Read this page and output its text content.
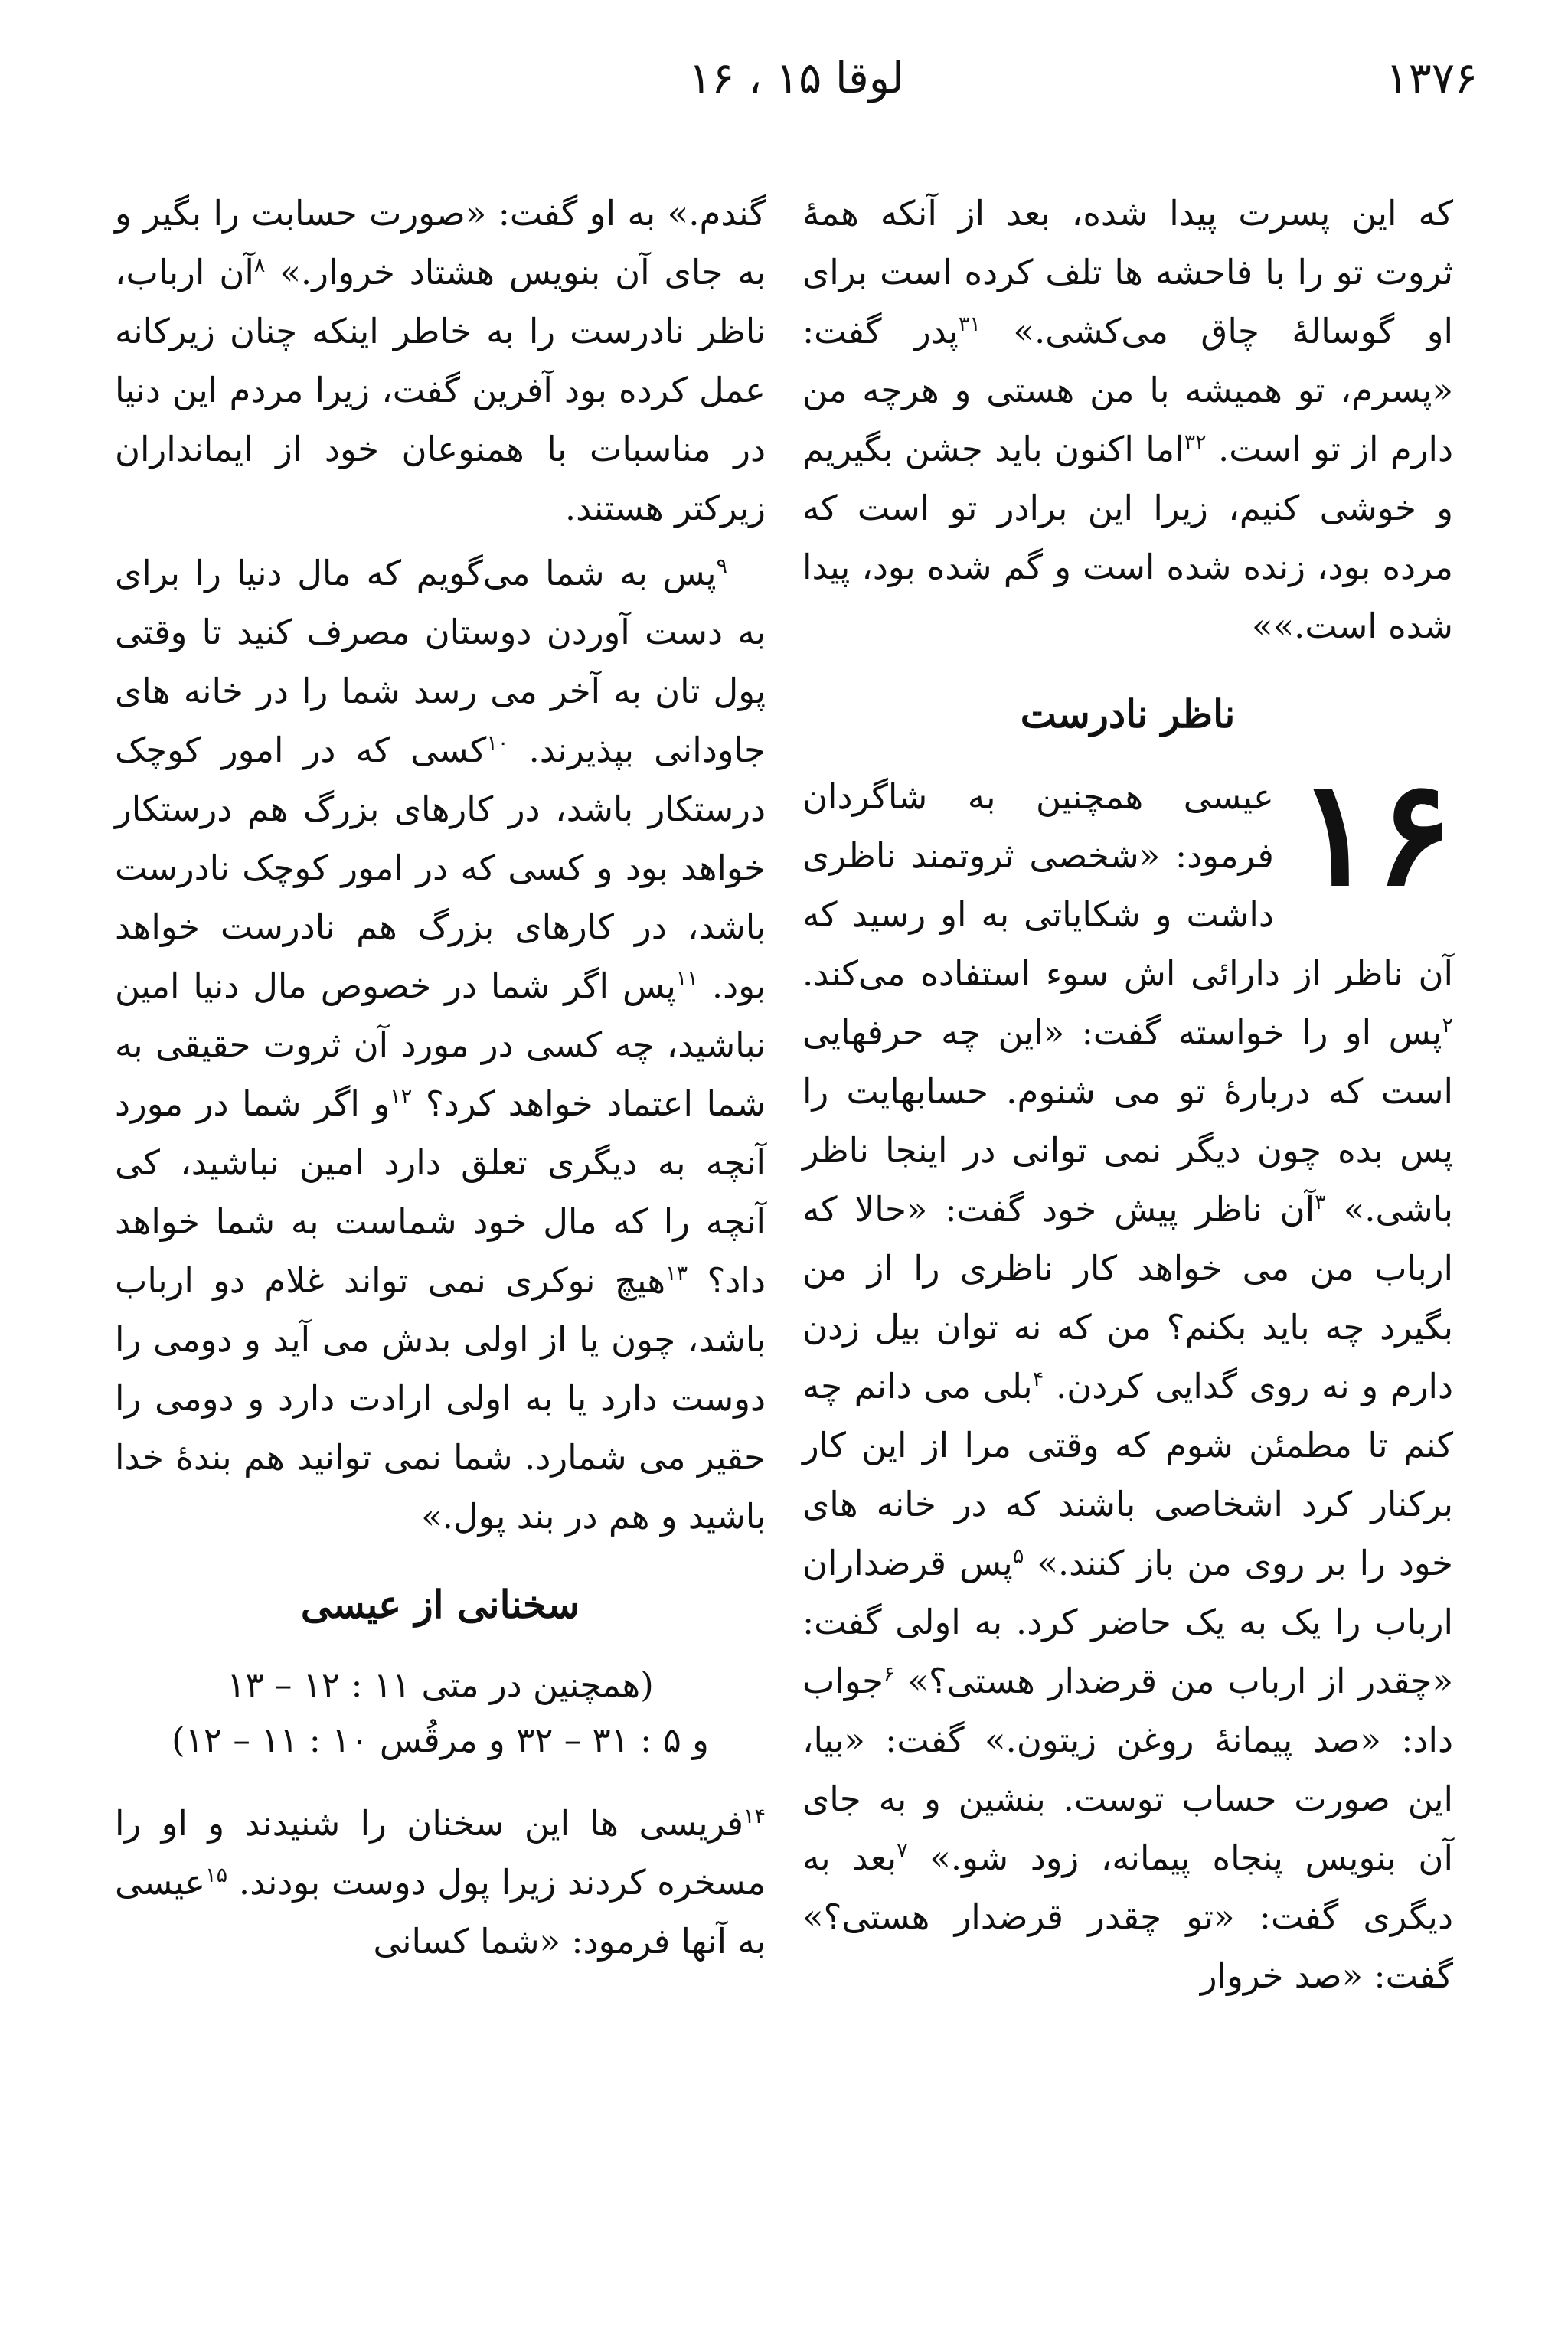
۱۳۷۶
لوقا ۱۵ ، ۱۶

که این پسرت پیدا شده، بعد از آنکه همهٔ ثروت تو را با فاحشه ها تلف کرده است برای او گوسالهٔ چاق می‌کشی.» $^{۳۱}$پدر گفت: «پسرم، تو همیشه با من هستی و هرچه من دارم از تو است. $^{۳۲}$اما اکنون باید جشن بگیریم و خوشی کنیم، زیرا این برادر تو است که مرده بود، زنده شده است و گم شده بود، پیدا شده است.»»

ناظر نادرست

۱۶
عیسی همچنین به شاگردان فرمود: «شخصی ثروتمند ناظری داشت و شکایاتی به او رسید که آن ناظر از دارائی اش سوء استفاده می‌کند. $^۲$پس او را خواسته گفت: «این چه حرفهایی است که دربارهٔ تو می شنوم. حسابهایت را پس بده چون دیگر نمی توانی در اینجا ناظر باشی.» $^۳$آن ناظر پیش خود گفت: «حالا که ارباب من می خواهد کار ناظری را از من بگیرد چه باید بکنم؟ من که نه توان بیل زدن دارم و نه روی گدایی کردن. $^۴$بلی می دانم چه کنم تا مطمئن شوم که وقتی مرا از این کار برکنار کرد اشخاصی باشند که در خانه های خود را بر روی من باز کنند.» $^۵$پس قرضداران ارباب را یک به یک حاضر کرد. به اولی گفت: «چقدر از ارباب من قرضدار هستی؟» $^۶$جواب داد: «صد پیمانهٔ روغن زیتون.» گفت: «بیا، این صورت حساب توست. بنشین و به جای آن بنویس پنجاه پیمانه، زود شو.» $^۷$بعد به دیگری گفت: «تو چقدر قرضدار هستی؟» گفت: «صد خروار

گندم.» به او گفت: «صورت حسابت را بگیر و به جای آن بنویس هشتاد خروار.» $^۸$آن ارباب، ناظر نادرست را به خاطر اینکه چنان زیرکانه عمل کرده بود آفرین گفت، زیرا مردم این دنیا در مناسبات با همنوعان خود از ایمانداران زیرکتر هستند.

$^۹$پس به شما می‌گویم که مال دنیا را برای به دست آوردن دوستان مصرف کنید تا وقتی پول تان به آخر می رسد شما را در خانه های جاودانی بپذیرند. $^{۱۰}$کسی که در امور کوچک درستکار باشد، در کارهای بزرگ هم درستکار خواهد بود و کسی که در امور کوچک نادرست باشد، در کارهای بزرگ هم نادرست خواهد بود. $^{۱۱}$پس اگر شما در خصوص مال دنیا امین نباشید، چه کسی در مورد آن ثروت حقیقی به شما اعتماد خواهد کرد؟ $^{۱۲}$و اگر شما در مورد آنچه به دیگری تعلق دارد امین نباشید، کی آنچه را که مال خود شماست به شما خواهد داد؟ $^{۱۳}$هیچ نوکری نمی تواند غلام دو ارباب باشد، چون یا از اولی بدش می آید و دومی را دوست دارد یا به اولی ارادت دارد و دومی را حقیر می شمارد. شما نمی توانید هم بندهٔ خدا باشید و هم در بند پول.»

سخنانی از عیسی

(همچنین در متی ۱۱ : ۱۲ – ۱۳
و ۵ : ۳۱ – ۳۲ و مرقُس ۱۰ : ۱۱ – ۱۲)

$^{۱۴}$فریسی ها این سخنان را شنیدند و او را مسخره کردند زیرا پول دوست بودند. $^{۱۵}$عیسی به آنها فرمود: «شما کسانی
